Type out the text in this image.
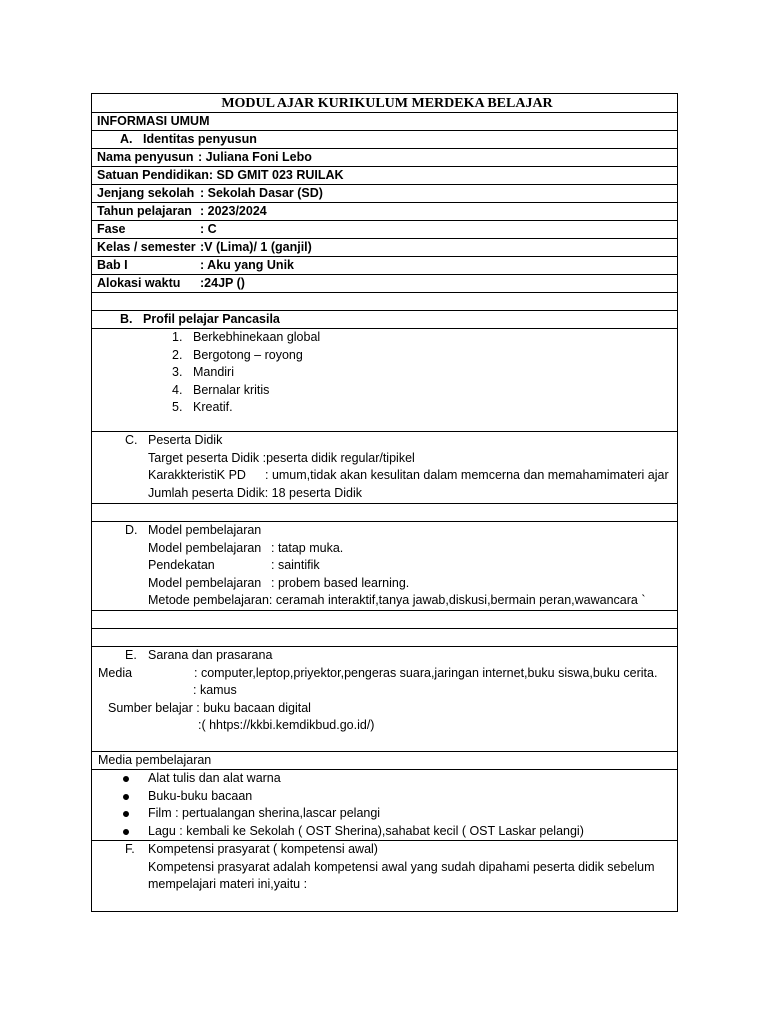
MODUL AJAR KURIKULUM MERDEKA BELAJAR
INFORMASI UMUM
A. Identitas penyusun
Nama penyusun : Juliana Foni Lebo
Satuan Pendidikan: SD GMIT 023 RUILAK
Jenjang sekolah : Sekolah Dasar (SD)
Tahun pelajaran : 2023/2024
Fase	: C
Kelas / semester :V (Lima)/ 1 (ganjil)
Bab I	: Aku yang Unik
Alokasi waktu :24JP ()
B. Profil pelajar Pancasila
1. Berkebhinekaan global
2. Bergotong – royong
3. Mandiri
4. Bernalar kritis
5. Kreatif.
C. Peserta Didik
Target peserta Didik :peserta didik regular/tipikel
KarakkteristiK PD : umum,tidak akan kesulitan dalam memcerna dan memahamimateri ajar
Jumlah peserta Didik: 18 peserta Didik
D. Model pembelajaran
Model pembelajaran : tatap muka.
Pendekatan	: saintifik
Model pembelajaran : probem based learning.
Metode pembelajaran: ceramah interaktif,tanya jawab,diskusi,bermain peran,wawancara `
E. Sarana dan prasarana
Media	: computer,leptop,priyektor,pengeras suara,jaringan internet,buku siswa,buku cerita.
: kamus
Sumber belajar : buku bacaan digital
:( hhtps://kkbi.kemdikbud.go.id/)
Media pembelajaran
Alat tulis dan alat warna
Buku-buku bacaan
Film : pertualangan sherina,lascar pelangi
Lagu : kembali ke Sekolah ( OST Sherina),sahabat kecil ( OST Laskar pelangi)
F. Kompetensi prasyarat ( kompetensi awal)
Kompetensi prasyarat adalah kompetensi awal yang sudah dipahami peserta didik sebelum
mempelajari materi ini,yaitu :
